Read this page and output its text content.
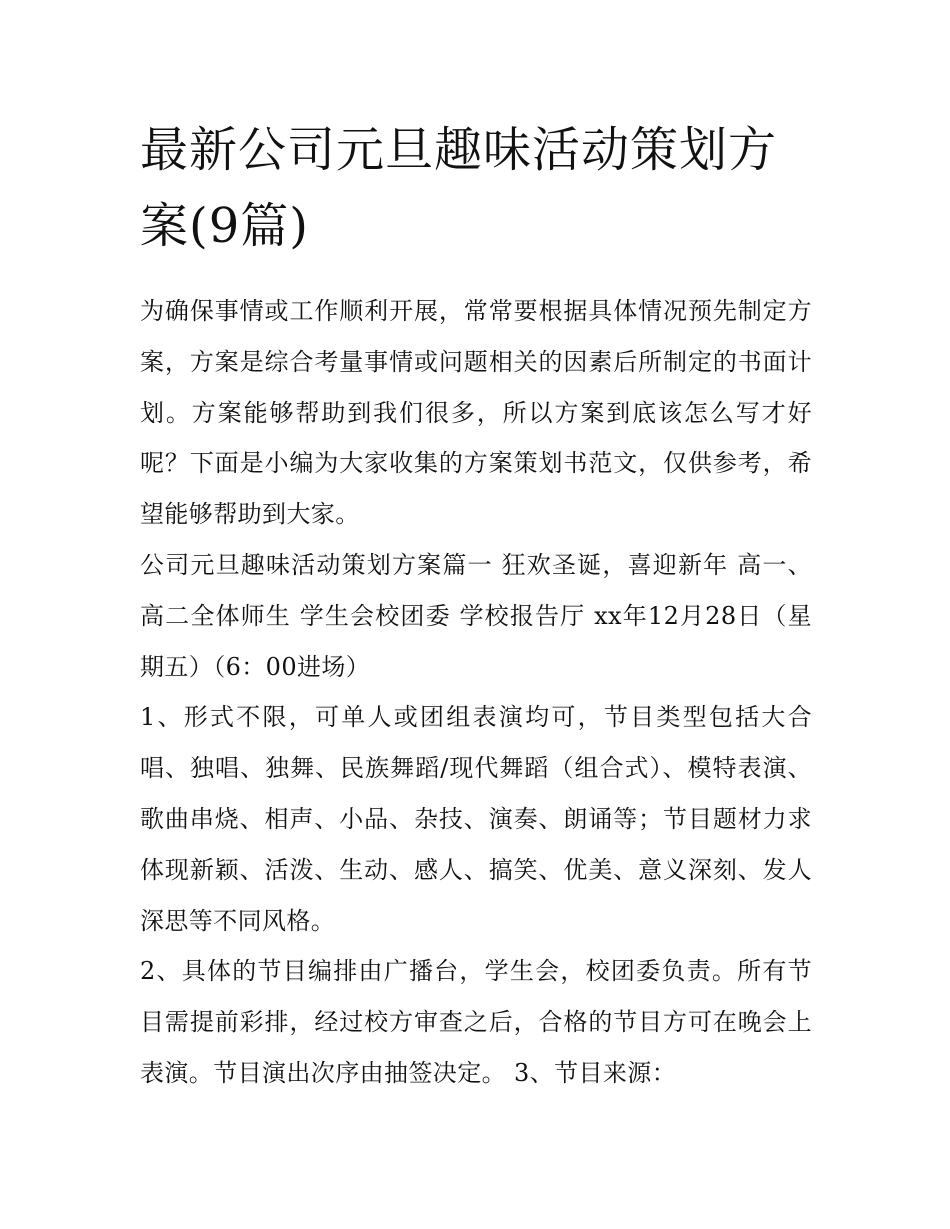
最新公司元旦趣味活动策划方案(9篇)

为确保事情或工作顺利开展，常常要根据具体情况预先制定方案，方案是综合考量事情或问题相关的因素后所制定的书面计划。方案能够帮助到我们很多，所以方案到底该怎么写才好呢？下面是小编为大家收集的方案策划书范文，仅供参考，希望能够帮助到大家。

公司元旦趣味活动策划方案篇一 狂欢圣诞，喜迎新年 高一、高二全体师生 学生会校团委 学校报告厅 xx年12月28日（星期五）（6：00进场）

1、形式不限，可单人或团组表演均可，节目类型包括大合唱、独唱、独舞、民族舞蹈/现代舞蹈（组合式）、模特表演、歌曲串烧、相声、小品、杂技、演奏、朗诵等；节目题材力求体现新颖、活泼、生动、感人、搞笑、优美、意义深刻、发人深思等不同风格。

2、具体的节目编排由广播台，学生会，校团委负责。所有节目需提前彩排，经过校方审查之后，合格的节目方可在晚会上表演。节目演出次序由抽签决定。 3、节目来源：
